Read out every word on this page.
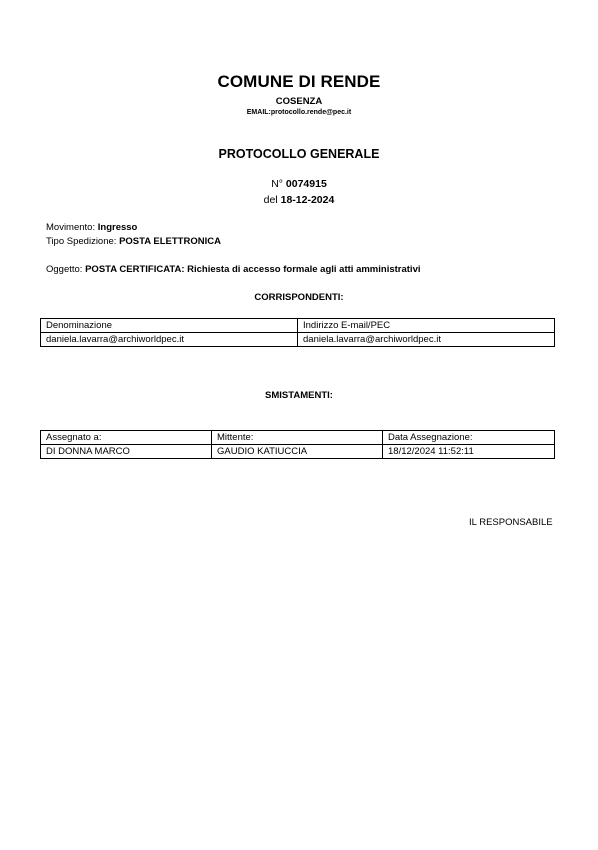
COMUNE DI RENDE
COSENZA
EMAIL:protocollo.rende@pec.it
PROTOCOLLO GENERALE
N° 0074915
del 18-12-2024
Movimento: Ingresso
Tipo Spedizione: POSTA ELETTRONICA
Oggetto: POSTA CERTIFICATA: Richiesta di accesso formale agli atti amministrativi
CORRISPONDENTI:
Denominazione	Indirizzo E-mail/PEC
daniela.lavarra@archiworldpec.it	daniela.lavarra@archiworldpec.it
SMISTAMENTI:
Assegnato a:	Mittente:	Data Assegnazione:
DI DONNA MARCO	GAUDIO KATIUCCIA	18/12/2024 11:52:11
IL RESPONSABILE
